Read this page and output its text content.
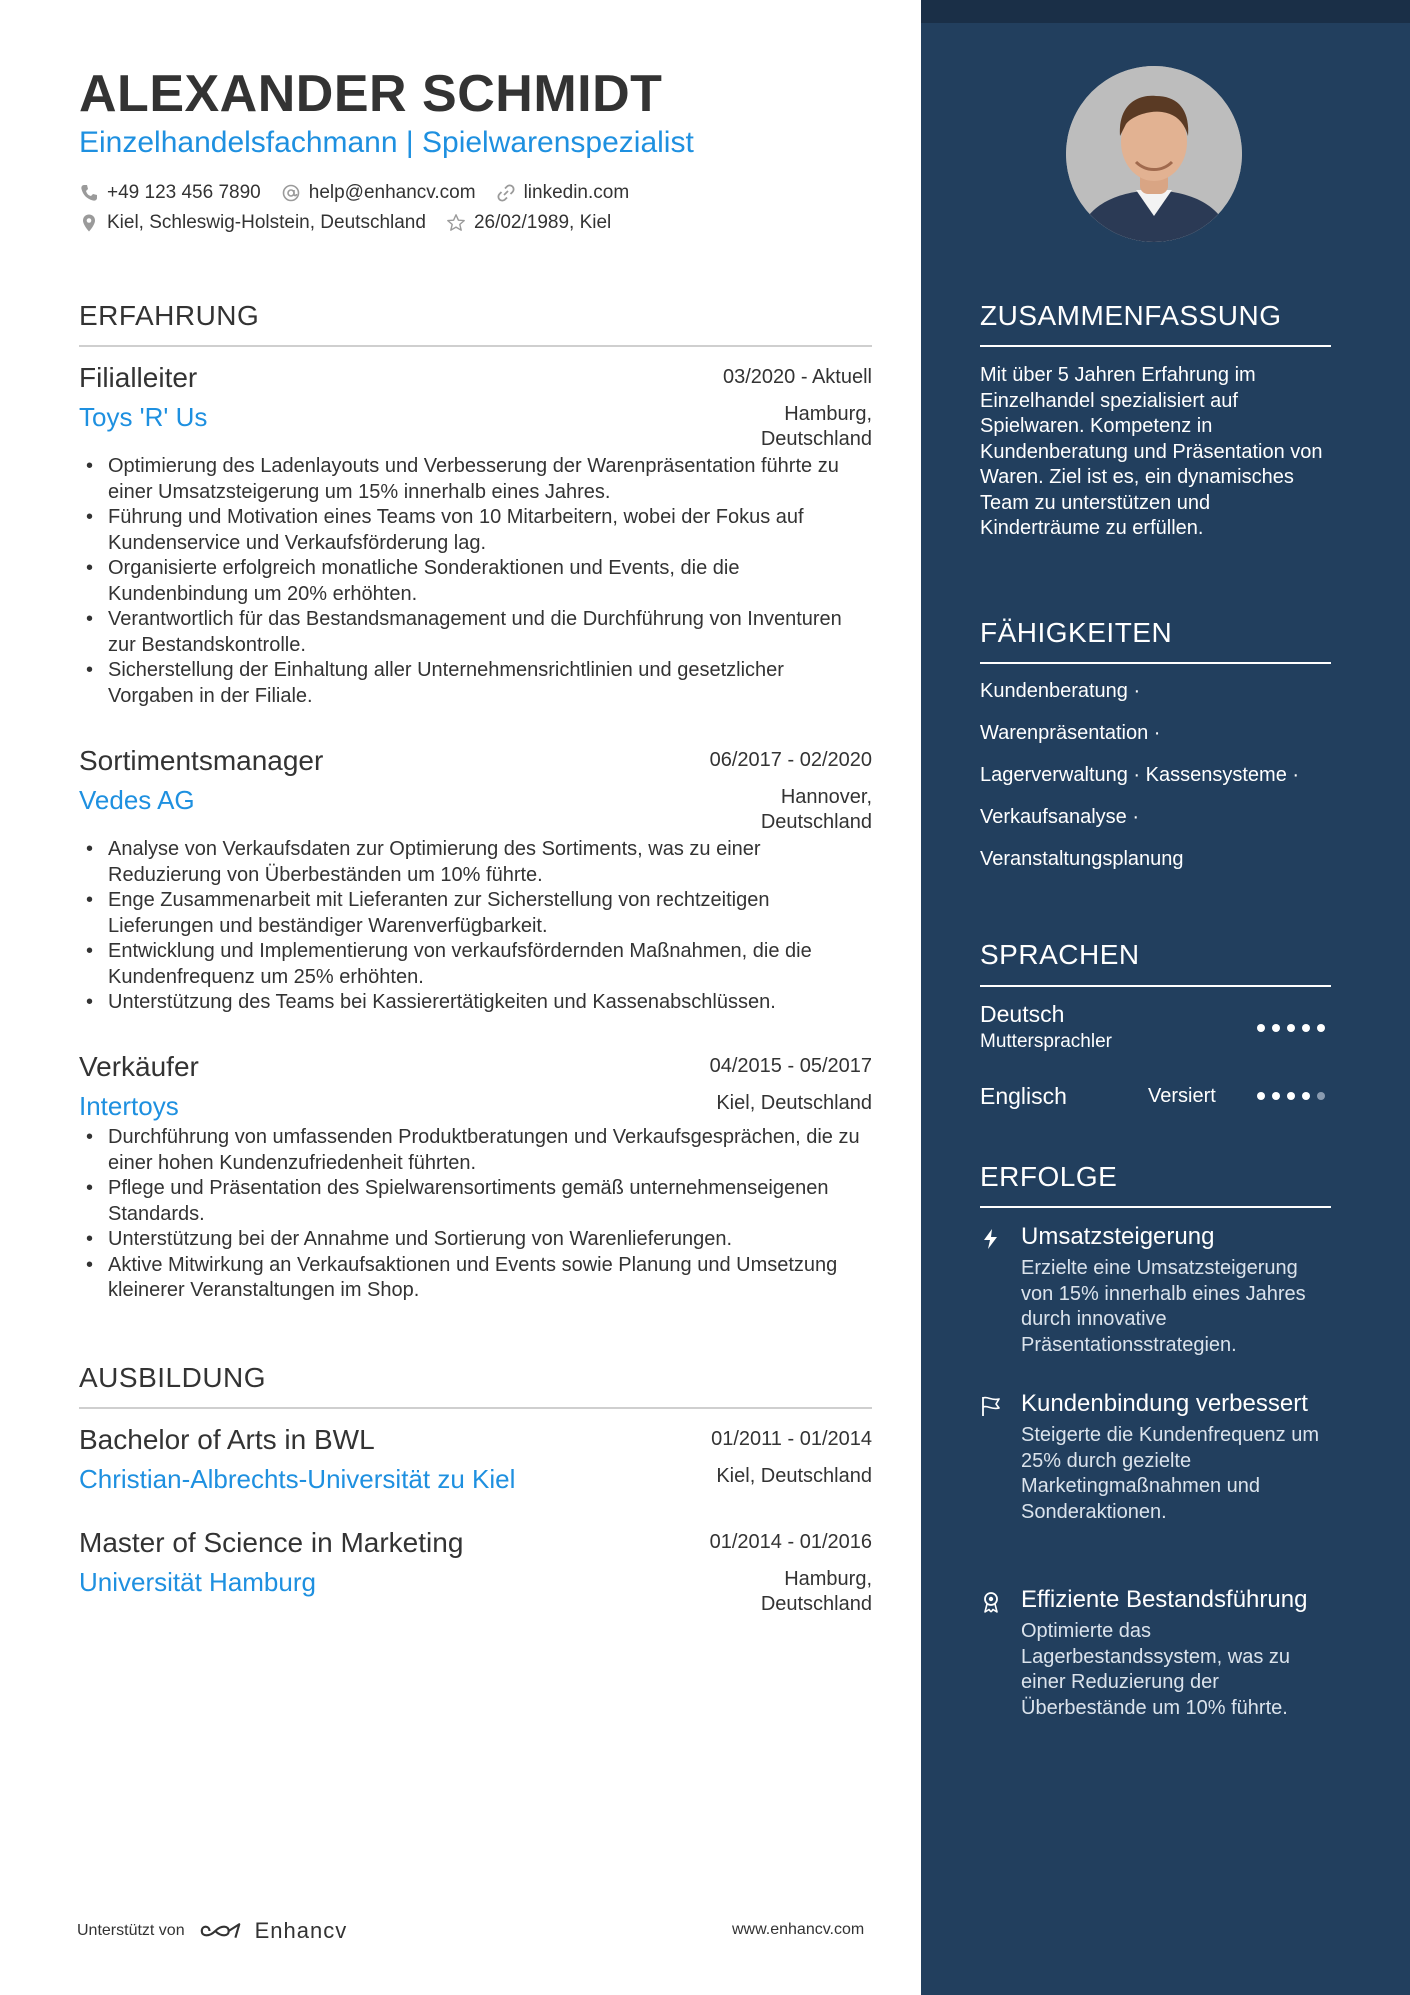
ALEXANDER SCHMIDT
Einzelhandelsfachmann | Spielwarenspezialist
+49 123 456 7890	help@enhancv.com	linkedin.com
Kiel, Schleswig-Holstein, Deutschland	26/02/1989, Kiel
ERFAHRUNG
Filialleiter	03/2020 - Aktuell
Toys 'R' Us	Hamburg,
Deutschland
• Optimierung des Ladenlayouts und Verbesserung der Warenpräsentation führte zu einer Umsatzsteigerung um 15% innerhalb eines Jahres.
• Führung und Motivation eines Teams von 10 Mitarbeitern, wobei der Fokus auf Kundenservice und Verkaufsförderung lag.
• Organisierte erfolgreich monatliche Sonderaktionen und Events, die die Kundenbindung um 20% erhöhten.
• Verantwortlich für das Bestandsmanagement und die Durchführung von Inventuren zur Bestandskontrolle.
• Sicherstellung der Einhaltung aller Unternehmensrichtlinien und gesetzlicher Vorgaben in der Filiale.
Sortimentsmanager	06/2017 - 02/2020
Vedes AG	Hannover,
Deutschland
• Analyse von Verkaufsdaten zur Optimierung des Sortiments, was zu einer Reduzierung von Überbeständen um 10% führte.
• Enge Zusammenarbeit mit Lieferanten zur Sicherstellung von rechtzeitigen Lieferungen und beständiger Warenverfügbarkeit.
• Entwicklung und Implementierung von verkaufsfördernden Maßnahmen, die die Kundenfrequenz um 25% erhöhten.
• Unterstützung des Teams bei Kassierertätigkeiten und Kassenabschlüssen.
Verkäufer	04/2015 - 05/2017
Intertoys	Kiel, Deutschland
• Durchführung von umfassenden Produktberatungen und Verkaufsgesprächen, die zu einer hohen Kundenzufriedenheit führten.
• Pflege und Präsentation des Spielwarensortiments gemäß unternehmenseigenen Standards.
• Unterstützung bei der Annahme und Sortierung von Warenlieferungen.
• Aktive Mitwirkung an Verkaufsaktionen und Events sowie Planung und Umsetzung kleinerer Veranstaltungen im Shop.
AUSBILDUNG
Bachelor of Arts in BWL	01/2011 - 01/2014
Christian-Albrechts-Universität zu Kiel	Kiel, Deutschland
Master of Science in Marketing	01/2014 - 01/2016
Universität Hamburg	Hamburg,
Deutschland
Unterstützt von	Enhancv	www.enhancv.com
ZUSAMMENFASSUNG
Mit über 5 Jahren Erfahrung im Einzelhandel spezialisiert auf Spielwaren. Kompetenz in Kundenberatung und Präsentation von Waren. Ziel ist es, ein dynamisches Team zu unterstützen und Kinderträume zu erfüllen.
FÄHIGKEITEN
Kundenberatung ·
Warenpräsentation ·
Lagerverwaltung · Kassensysteme ·
Verkaufsanalyse ·
Veranstaltungsplanung
SPRACHEN
Deutsch
Muttersprachler
Englisch	Versiert
ERFOLGE
Umsatzsteigerung
Erzielte eine Umsatzsteigerung von 15% innerhalb eines Jahres durch innovative Präsentationsstrategien.
Kundenbindung verbessert
Steigerte die Kundenfrequenz um 25% durch gezielte Marketingmaßnahmen und Sonderaktionen.
Effiziente Bestandsführung
Optimierte das Lagerbestandssystem, was zu einer Reduzierung der Überbestände um 10% führte.
